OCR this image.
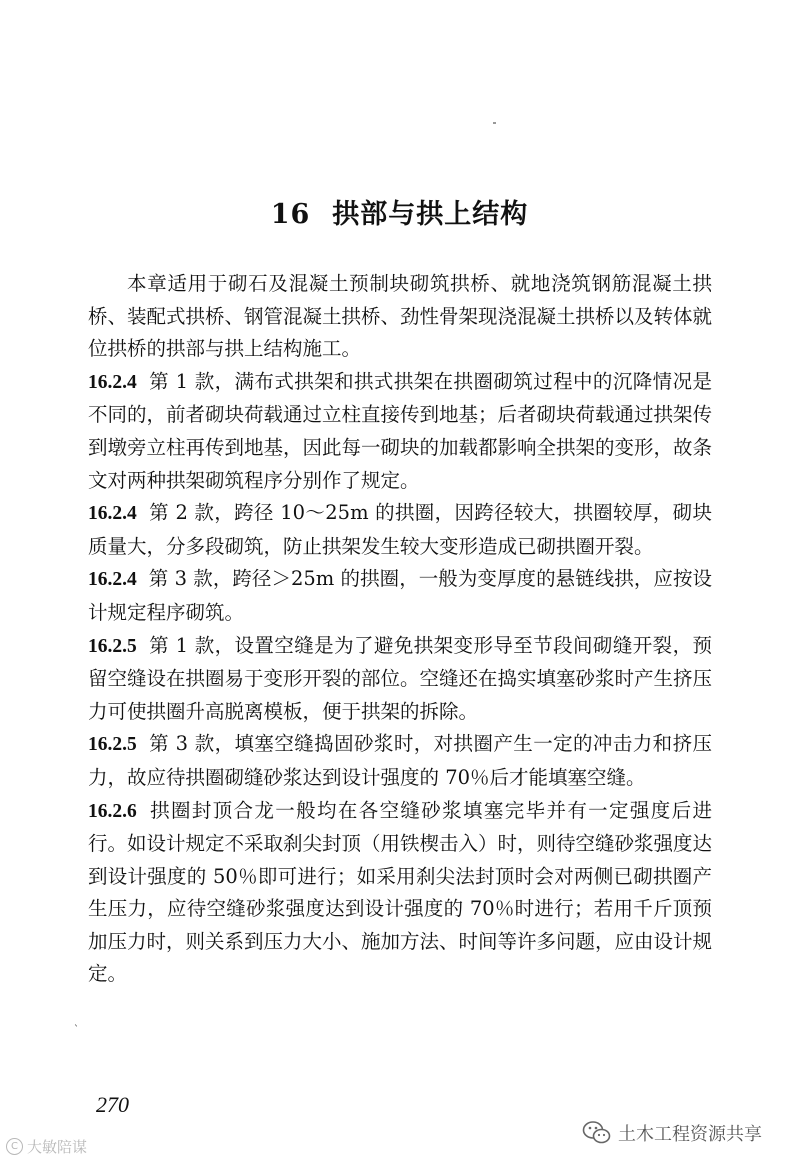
16 拱部与拱上结构

本章适用于砌石及混凝土预制块砌筑拱桥、就地浇筑钢筋混凝土拱桥、装配式拱桥、钢管混凝土拱桥、劲性骨架现浇混凝土拱桥以及转体就位拱桥的拱部与拱上结构施工。

16.2.4 第 1 款，满布式拱架和拱式拱架在拱圈砌筑过程中的沉降情况是不同的，前者砌块荷载通过立柱直接传到地基；后者砌块荷载通过拱架传到墩旁立柱再传到地基，因此每一砌块的加载都影响全拱架的变形，故条文对两种拱架砌筑程序分别作了规定。

16.2.4 第 2 款，跨径 10～25m 的拱圈，因跨径较大，拱圈较厚，砌块质量大，分多段砌筑，防止拱架发生较大变形造成已砌拱圈开裂。

16.2.4 第 3 款，跨径＞25m 的拱圈，一般为变厚度的悬链线拱，应按设计规定程序砌筑。

16.2.5 第 1 款，设置空缝是为了避免拱架变形导至节段间砌缝开裂，预留空缝设在拱圈易于变形开裂的部位。空缝还在捣实填塞砂浆时产生挤压力可使拱圈升高脱离模板，便于拱架的拆除。

16.2.5 第 3 款，填塞空缝捣固砂浆时，对拱圈产生一定的冲击力和挤压力，故应待拱圈砌缝砂浆达到设计强度的 70％后才能填塞空缝。

16.2.6 拱圈封顶合龙一般均在各空缝砂浆填塞完毕并有一定强度后进行。如设计规定不采取刹尖封顶（用铁楔击入）时，则待空缝砂浆强度达到设计强度的 50％即可进行；如采用刹尖法封顶时会对两侧已砌拱圈产生压力，应待空缝砂浆强度达到设计强度的 70％时进行；若用千斤顶预加压力时，则关系到压力大小、施加方法、时间等许多问题，应由设计规定。

ˋ
270
C 大敏陪谋
土木工程资源共享
